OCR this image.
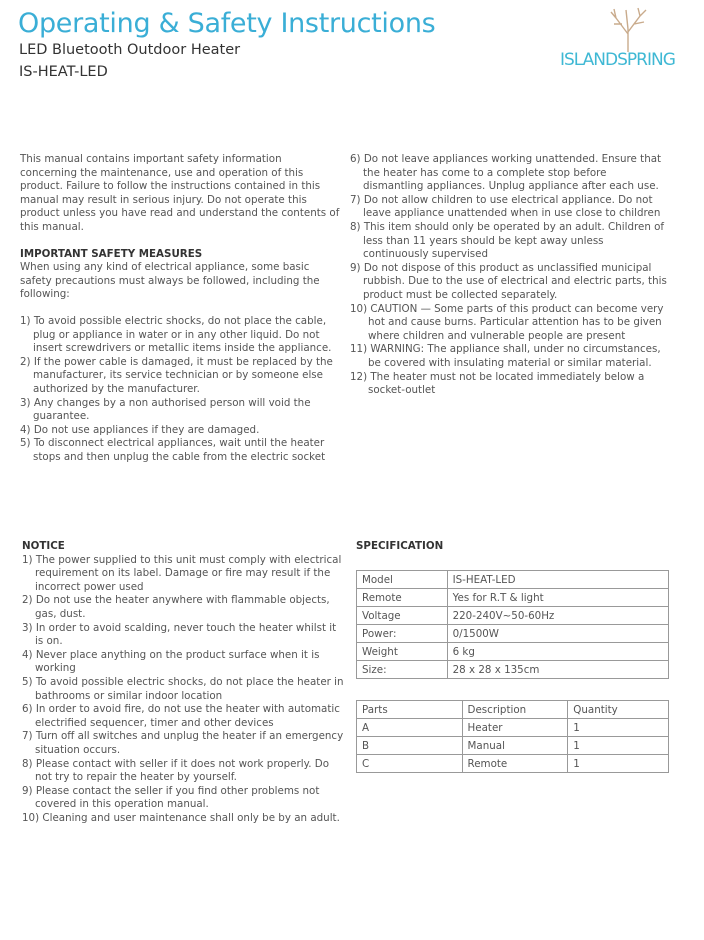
Operating & Safety Instructions
LED Bluetooth Outdoor Heater
IS-HEAT-LED
ISLANDSPRING

This manual contains important safety information concerning the maintenance, use and operation of this product. Failure to follow the instructions contained in this manual may result in serious injury. Do not operate this product unless you have read and understand the contents of this manual.

IMPORTANT SAFETY MEASURES

When using any kind of electrical appliance, some basic safety precautions must always be followed, including the following:

1) To avoid possible electric shocks, do not place the cable, plug or appliance in water or in any other liquid. Do not insert screwdrivers or metallic items inside the appliance.

2) If the power cable is damaged, it must be replaced by the manufacturer, its service technician or by someone else authorized by the manufacturer.

3) Any changes by a non authorised person will void the guarantee.

4) Do not use appliances if they are damaged.

5) To disconnect electrical appliances, wait until the heater stops and then unplug the cable from the electric socket

6) Do not leave appliances working unattended. Ensure that the heater has come to a complete stop before dismantling appliances. Unplug appliance after each use.

7) Do not allow children to use electrical appliance. Do not leave appliance unattended when in use close to children

8) This item should only be operated by an adult. Children of less than 11 years should be kept away unless continuously supervised

9) Do not dispose of this product as unclassified municipal rubbish. Due to the use of electrical and electric parts, this product must be collected separately.

10) CAUTION — Some parts of this product can become very hot and cause burns. Particular attention has to be given where children and vulnerable people are present

11) WARNING: The appliance shall, under no circumstances, be covered with insulating material or similar material.

12) The heater must not be located immediately below a socket-outlet

NOTICE

1) The power supplied to this unit must comply with electrical requirement on its label. Damage or fire may result if the incorrect power used

2) Do not use the heater anywhere with flammable objects, gas, dust.

3) In order to avoid scalding, never touch the heater whilst it is on.

4) Never place anything on the product surface when it is working

5) To avoid possible electric shocks, do not place the heater in bathrooms or similar indoor location

6) In order to avoid fire, do not use the heater with automatic electrified sequencer, timer and other devices

7) Turn off all switches and unplug the heater if an emergency situation occurs.

8) Please contact with seller if it does not work properly. Do not try to repair the heater by yourself.

9) Please contact the seller if you find other problems not covered in this operation manual.

10) Cleaning and user maintenance shall only be by an adult.

SPECIFICATION
Model	IS-HEAT-LED
Remote	Yes for R.T & light
Voltage	220-240V~50-60Hz
Power:	0/1500W
Weight	6 kg
Size:	28 x 28 x 135cm
Parts	Description	Quantity
A	Heater	1
B	Manual	1
C	Remote	1
